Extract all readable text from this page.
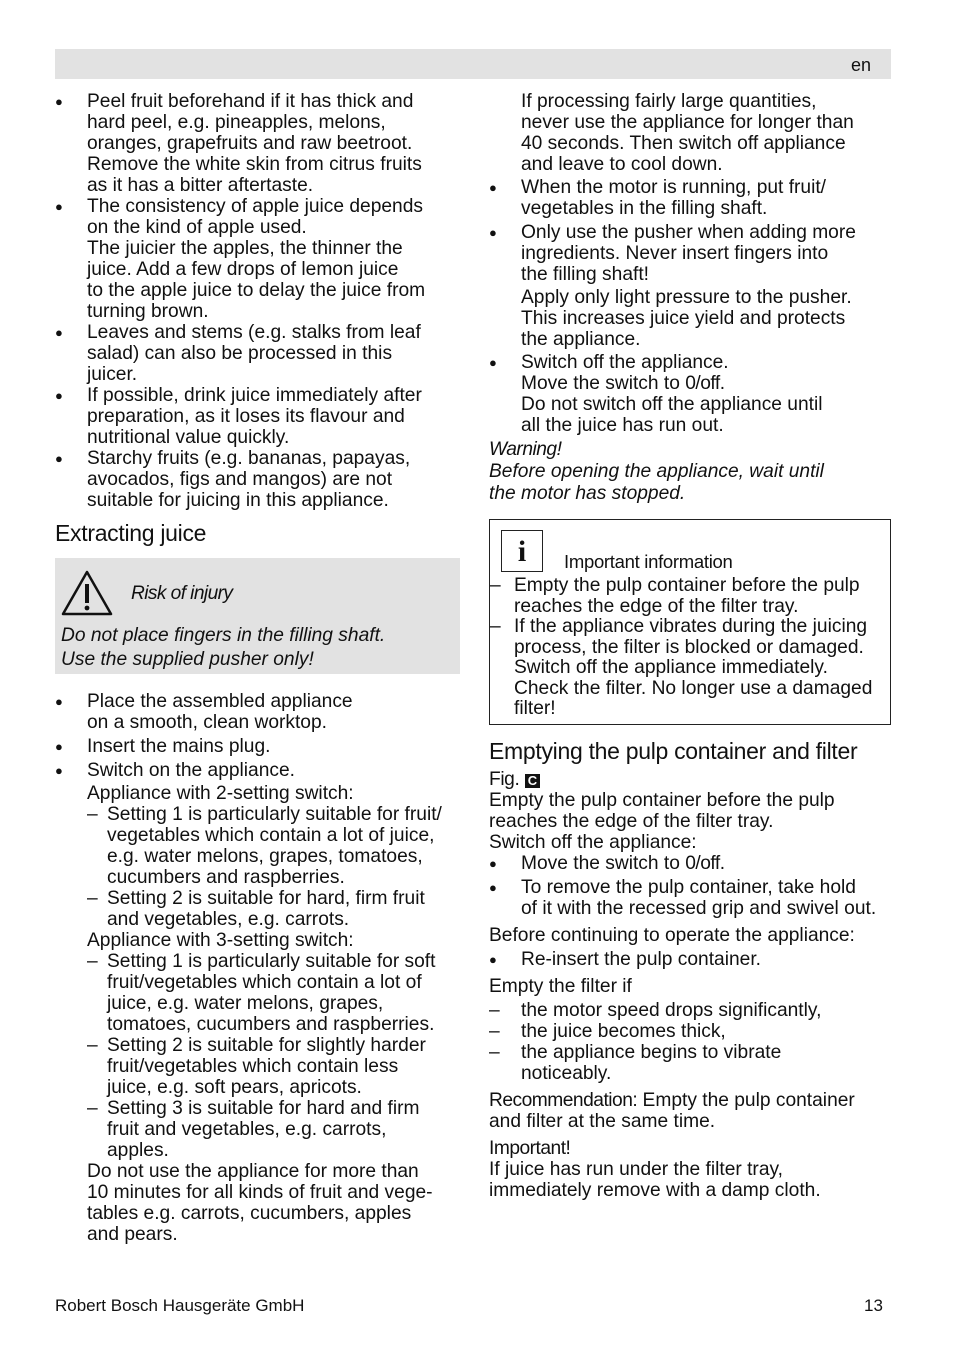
en
● Peel fruit beforehand if it has thick and
hard peel, e.g. pineapples, melons,
oranges, grapefruits and raw beetroot.
Remove the white skin from citrus fruits
as it has a bitter aftertaste.
● The consistency of apple juice depends
on the kind of apple used.
The juicier the apples, the thinner the
juice. Add a few drops of lemon juice
to the apple juice to delay the juice from
turning brown.
● Leaves and stems (e.g. stalks from leaf
salad) can also be processed in this
juicer.
● If possible, drink juice immediately after
preparation, as it loses its flavour and
nutritional value quickly.
● Starchy fruits (e.g. bananas, papayas,
avocados, figs and mangos) are not
suitable for juicing in this appliance.
Extracting juice
Risk of injury
Do not place fingers in the filling shaft.
Use the supplied pusher only!
● Place the assembled appliance
on a smooth, clean worktop.
● Insert the mains plug.
● Switch on the appliance.
Appliance with 2-setting switch:
– Setting 1 is particularly suitable for fruit/
vegetables which contain a lot of juice,
e.g. water melons, grapes, tomatoes,
cucumbers and raspberries.
– Setting 2 is suitable for hard, firm fruit
and vegetables, e.g. carrots.
Appliance with 3-setting switch:
– Setting 1 is particularly suitable for soft
fruit/vegetables which contain a lot of
juice, e.g. water melons, grapes,
tomatoes, cucumbers and raspberries.
– Setting 2 is suitable for slightly harder
fruit/vegetables which contain less
juice, e.g. soft pears, apricots.
– Setting 3 is suitable for hard and firm
fruit and vegetables, e.g. carrots,
apples.
Do not use the appliance for more than
10 minutes for all kinds of fruit and vege-
tables e.g. carrots, cucumbers, apples
and pears.
If processing fairly large quantities,
never use the appliance for longer than
40 seconds. Then switch off appliance
and leave to cool down.
● When the motor is running, put fruit/
vegetables in the filling shaft.
● Only use the pusher when adding more
ingredients. Never insert fingers into
the filling shaft!
Apply only light pressure to the pusher.
This increases juice yield and protects
the appliance.
● Switch off the appliance.
Move the switch to 0/off.
Do not switch off the appliance until
all the juice has run out.
Warning!
Before opening the appliance, wait until
the motor has stopped.
i	Important information
– Empty the pulp container before the pulp
reaches the edge of the filter tray.
– If the appliance vibrates during the juicing
process, the filter is blocked or damaged.
Switch off the appliance immediately.
Check the filter. No longer use a damaged
filter!
Emptying the pulp container and filter
Fig. C
Empty the pulp container before the pulp
reaches the edge of the filter tray.
Switch off the appliance:
● Move the switch to 0/off.
● To remove the pulp container, take hold
of it with the recessed grip and swivel out.
Before continuing to operate the appliance:
● Re-insert the pulp container.
Empty the filter if
– the motor speed drops significantly,
– the juice becomes thick,
– the appliance begins to vibrate
noticeably.
Recommendation: Empty the pulp container
and filter at the same time.
Important!
If juice has run under the filter tray,
immediately remove with a damp cloth.
Robert Bosch Hausgeräte GmbH	13
